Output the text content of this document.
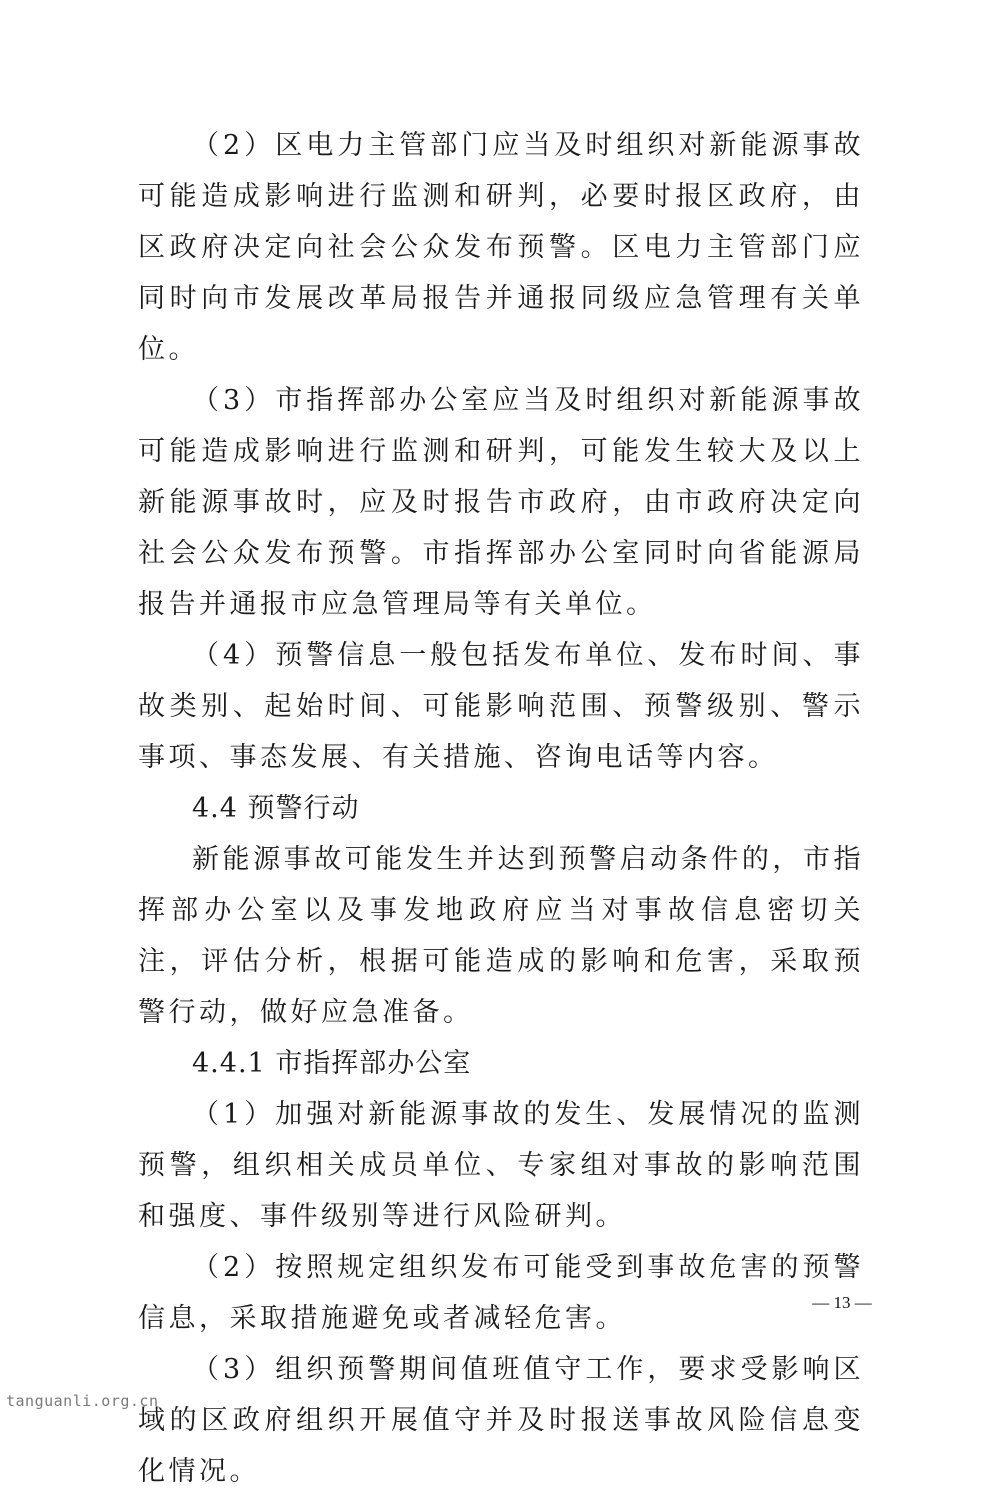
（2）区电力主管部门应当及时组织对新能源事故可能造成影响进行监测和研判，必要时报区政府，由区政府决定向社会公众发布预警。区电力主管部门应同时向市发展改革局报告并通报同级应急管理有关单位。

（3）市指挥部办公室应当及时组织对新能源事故可能造成影响进行监测和研判，可能发生较大及以上新能源事故时，应及时报告市政府，由市政府决定向社会公众发布预警。市指挥部办公室同时向省能源局报告并通报市应急管理局等有关单位。

（4）预警信息一般包括发布单位、发布时间、事故类别、起始时间、可能影响范围、预警级别、警示事项、事态发展、有关措施、咨询电话等内容。

4.4 预警行动

新能源事故可能发生并达到预警启动条件的，市指挥部办公室以及事发地政府应当对事故信息密切关注，评估分析，根据可能造成的影响和危害，采取预警行动，做好应急准备。

4.4.1 市指挥部办公室

（1）加强对新能源事故的发生、发展情况的监测预警，组织相关成员单位、专家组对事故的影响范围和强度、事件级别等进行风险研判。

（2）按照规定组织发布可能受到事故危害的预警信息，采取措施避免或者减轻危害。

（3）组织预警期间值班值守工作，要求受影响区域的区政府组织开展值守并及时报送事故风险信息变化情况。

— 13 —
tanguanli.org.cn
